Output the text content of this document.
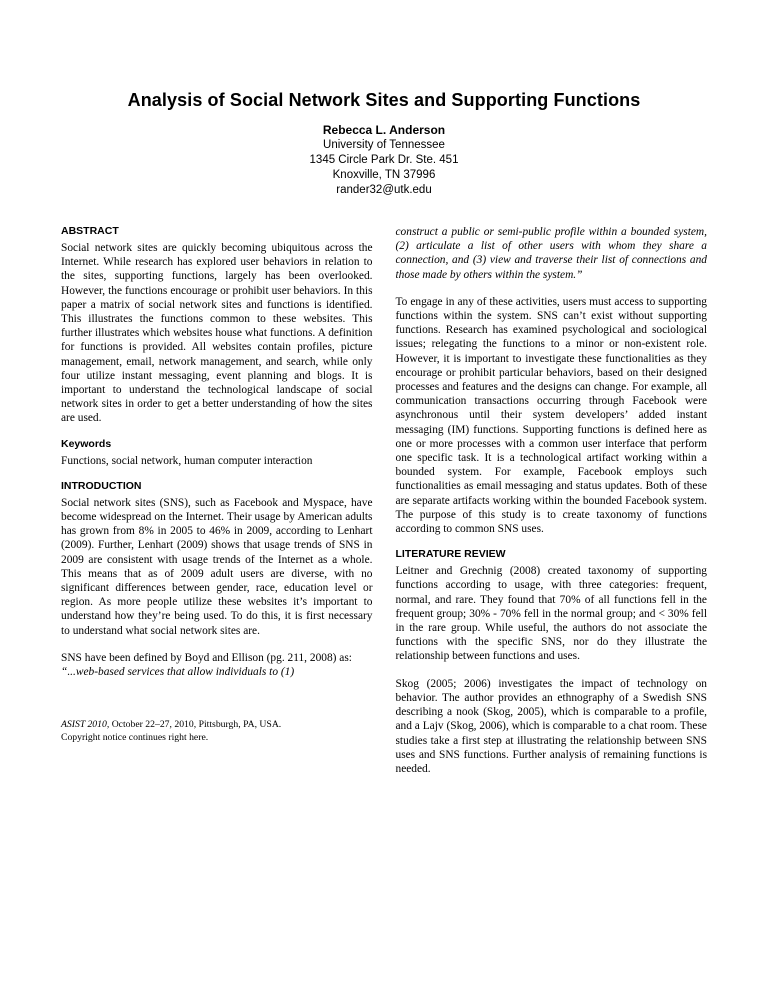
Analysis of Social Network Sites and Supporting Functions
Rebecca L. Anderson
University of Tennessee
1345 Circle Park Dr. Ste. 451
Knoxville, TN 37996
rander32@utk.edu
ABSTRACT

Social network sites are quickly becoming ubiquitous across the Internet. While research has explored user behaviors in relation to the sites, supporting functions, largely has been overlooked. However, the functions encourage or prohibit user behaviors. In this paper a matrix of social network sites and functions is identified. This illustrates the functions common to these websites. This further illustrates which websites house what functions. A definition for functions is provided. All websites contain profiles, picture management, email, network management, and search, while only four utilize instant messaging, event planning and blogs. It is important to understand the technological landscape of social network sites in order to get a better understanding of how the sites are used.

Keywords

Functions, social network, human computer interaction

INTRODUCTION

Social network sites (SNS), such as Facebook and Myspace, have become widespread on the Internet. Their usage by American adults has grown from 8% in 2005 to 46% in 2009, according to Lenhart (2009). Further, Lenhart (2009) shows that usage trends of SNS in 2009 are consistent with usage trends of the Internet as a whole. This means that as of 2009 adult users are diverse, with no significant differences between gender, race, education level or region. As more people utilize these websites it’s important to understand how they’re being used. To do this, it is first necessary to understand what social network sites are.

SNS have been defined by Boyd and Ellison (pg. 211, 2008) as:

“...web-based services that allow individuals to (1)

ASIST 2010, October 22–27, 2010, Pittsburgh, PA, USA.
Copyright notice continues right here.

construct a public or semi-public profile within a bounded system, (2) articulate a list of other users with whom they share a connection, and (3) view and traverse their list of connections and those made by others within the system.”

To engage in any of these activities, users must access to supporting functions within the system. SNS can’t exist without supporting functions. Research has examined psychological and sociological issues; relegating the functions to a minor or non-existent role. However, it is important to investigate these functionalities as they encourage or prohibit particular behaviors, based on their designed processes and features and the designs can change. For example, all communication transactions occurring through Facebook were asynchronous until their system developers’ added instant messaging (IM) functions. Supporting functions is defined here as one or more processes with a common user interface that perform one specific task. It is a technological artifact working within a bounded system. For example, Facebook employs such functionalities as email messaging and status updates. Both of these are separate artifacts working within the bounded Facebook system. The purpose of this study is to create taxonomy of functions according to common SNS uses.

LITERATURE REVIEW

Leitner and Grechnig (2008) created taxonomy of supporting functions according to usage, with three categories: frequent, normal, and rare. They found that 70% of all functions fell in the frequent group; 30% - 70% fell in the normal group; and < 30% fell in the rare group. While useful, the authors do not associate the functions with the specific SNS, nor do they illustrate the relationship between functions and uses.

Skog (2005; 2006) investigates the impact of technology on behavior. The author provides an ethnography of a Swedish SNS describing a nook (Skog, 2005), which is comparable to a profile, and a Lajv (Skog, 2006), which is comparable to a chat room. These studies take a first step at illustrating the relationship between SNS uses and SNS functions. Further analysis of remaining functions is needed.
